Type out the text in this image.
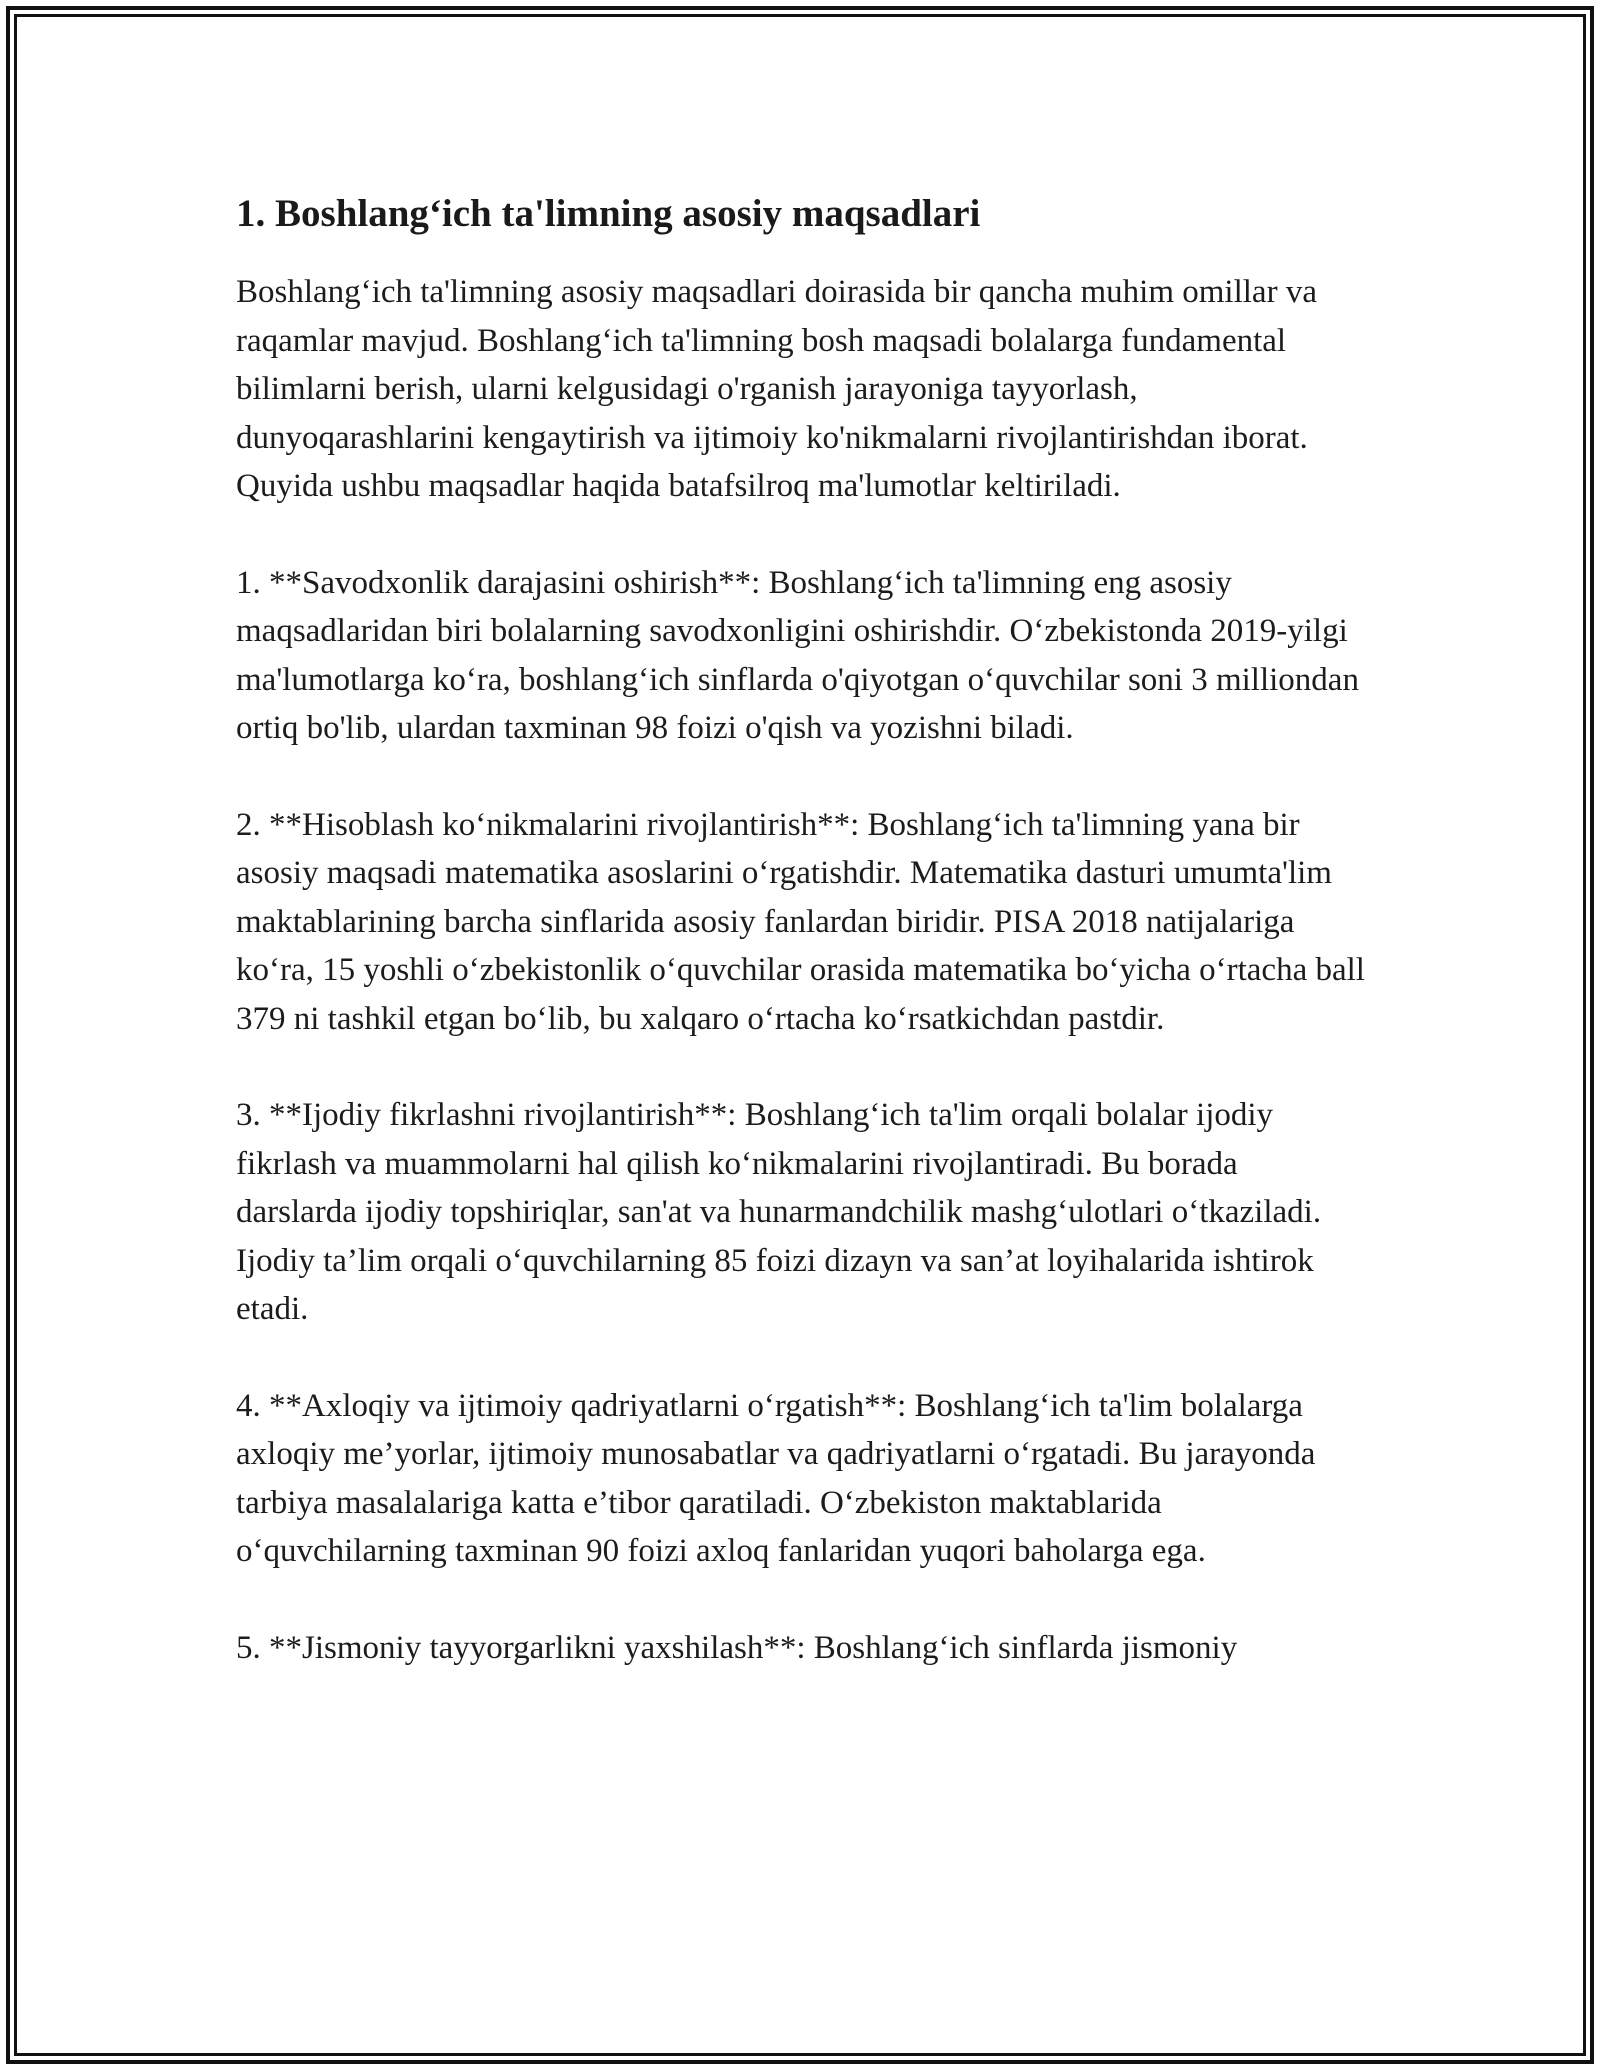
1. Boshlang‘ich ta'limning asosiy maqsadlari

Boshlang‘ich ta'limning asosiy maqsadlari doirasida bir qancha muhim omillar va raqamlar mavjud. Boshlang‘ich ta'limning bosh maqsadi bolalarga fundamental bilimlarni berish, ularni kelgusidagi o'rganish jarayoniga tayyorlash, dunyoqarashlarini kengaytirish va ijtimoiy ko'nikmalarni rivojlantirishdan iborat. Quyida ushbu maqsadlar haqida batafsilroq ma'lumotlar keltiriladi.

1. **Savodxonlik darajasini oshirish**: Boshlang‘ich ta'limning eng asosiy maqsadlaridan biri bolalarning savodxonligini oshirishdir. O‘zbekistonda 2019-yilgi ma'lumotlarga ko‘ra, boshlang‘ich sinflarda o'qiyotgan o‘quvchilar soni 3 milliondan ortiq bo'lib, ulardan taxminan 98 foizi o'qish va yozishni biladi.

2. **Hisoblash ko‘nikmalarini rivojlantirish**: Boshlang‘ich ta'limning yana bir asosiy maqsadi matematika asoslarini o‘rgatishdir. Matematika dasturi umumta'lim maktablarining barcha sinflarida asosiy fanlardan biridir. PISA 2018 natijalariga ko‘ra, 15 yoshli o‘zbekistonlik o‘quvchilar orasida matematika bo‘yicha o‘rtacha ball 379 ni tashkil etgan bo‘lib, bu xalqaro o‘rtacha ko‘rsatkichdan pastdir.

3. **Ijodiy fikrlashni rivojlantirish**: Boshlang‘ich ta'lim orqali bolalar ijodiy fikrlash va muammolarni hal qilish ko‘nikmalarini rivojlantiradi. Bu borada darslarda ijodiy topshiriqlar, san'at va hunarmandchilik mashg‘ulotlari o‘tkaziladi. Ijodiy ta’lim orqali o‘quvchilarning 85 foizi dizayn va san’at loyihalarida ishtirok etadi.

4. **Axloqiy va ijtimoiy qadriyatlarni o‘rgatish**: Boshlang‘ich ta'lim bolalarga axloqiy me’yorlar, ijtimoiy munosabatlar va qadriyatlarni o‘rgatadi. Bu jarayonda tarbiya masalalariga katta e’tibor qaratiladi. O‘zbekiston maktablarida o‘quvchilarning taxminan 90 foizi axloq fanlaridan yuqori baholarga ega.

5. **Jismoniy tayyorgarlikni yaxshilash**: Boshlang‘ich sinflarda jismoniy
